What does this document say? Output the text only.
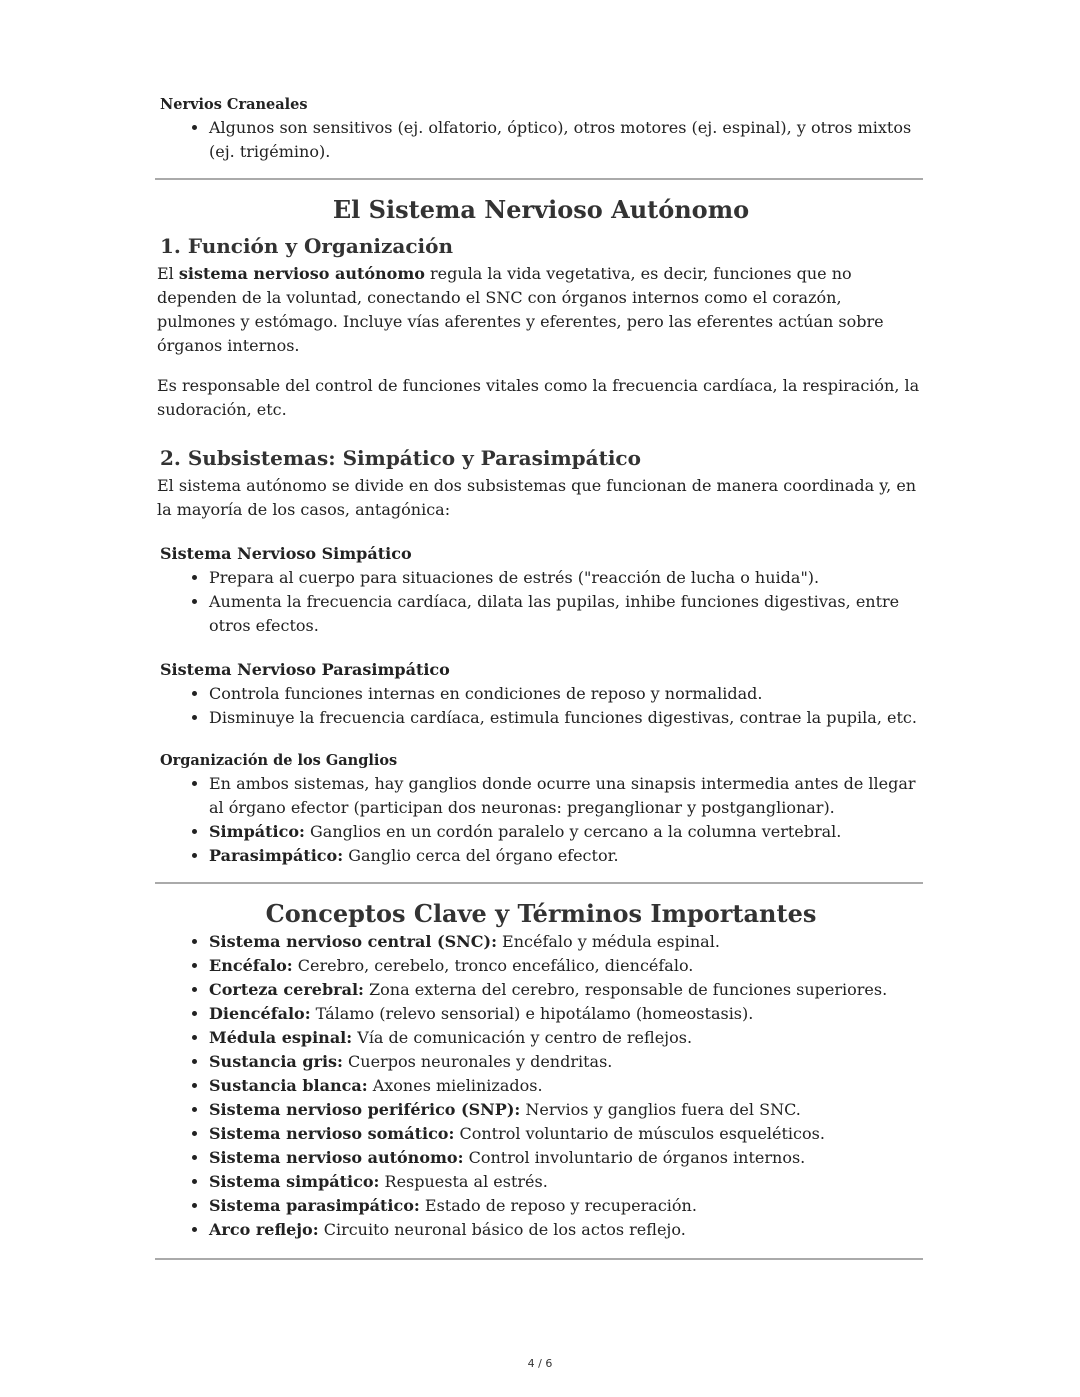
Nervios Craneales
• Algunos son sensitivos (ej. olfatorio, óptico), otros motores (ej. espinal), y otros mixtos (ej. trigémino).
El Sistema Nervioso Autónomo
1. Función y Organización

El sistema nervioso autónomo regula la vida vegetativa, es decir, funciones que no dependen de la voluntad, conectando el SNC con órganos internos como el corazón, pulmones y estómago. Incluye vías aferentes y eferentes, pero las eferentes actúan sobre órganos internos.

Es responsable del control de funciones vitales como la frecuencia cardíaca, la respiración, la sudoración, etc.

2. Subsistemas: Simpático y Parasimpático

El sistema autónomo se divide en dos subsistemas que funcionan de manera coordinada y, en la mayoría de los casos, antagónica:

Sistema Nervioso Simpático
• Prepara al cuerpo para situaciones de estrés ("reacción de lucha o huida").
• Aumenta la frecuencia cardíaca, dilata las pupilas, inhibe funciones digestivas, entre otros efectos.
Sistema Nervioso Parasimpático
• Controla funciones internas en condiciones de reposo y normalidad.
• Disminuye la frecuencia cardíaca, estimula funciones digestivas, contrae la pupila, etc.
Organización de los Ganglios
• En ambos sistemas, hay ganglios donde ocurre una sinapsis intermedia antes de llegar al órgano efector (participan dos neuronas: preganglionar y postganglionar).
• Simpático: Ganglios en un cordón paralelo y cercano a la columna vertebral.
• Parasimpático: Ganglio cerca del órgano efector.
Conceptos Clave y Términos Importantes
• Sistema nervioso central (SNC): Encéfalo y médula espinal.
• Encéfalo: Cerebro, cerebelo, tronco encefálico, diencéfalo.
• Corteza cerebral: Zona externa del cerebro, responsable de funciones superiores.
• Diencéfalo: Tálamo (relevo sensorial) e hipotálamo (homeostasis).
• Médula espinal: Vía de comunicación y centro de reflejos.
• Sustancia gris: Cuerpos neuronales y dendritas.
• Sustancia blanca: Axones mielinizados.
• Sistema nervioso periférico (SNP): Nervios y ganglios fuera del SNC.
• Sistema nervioso somático: Control voluntario de músculos esqueléticos.
• Sistema nervioso autónomo: Control involuntario de órganos internos.
• Sistema simpático: Respuesta al estrés.
• Sistema parasimpático: Estado de reposo y recuperación.
• Arco reflejo: Circuito neuronal básico de los actos reflejo.
4 / 6
